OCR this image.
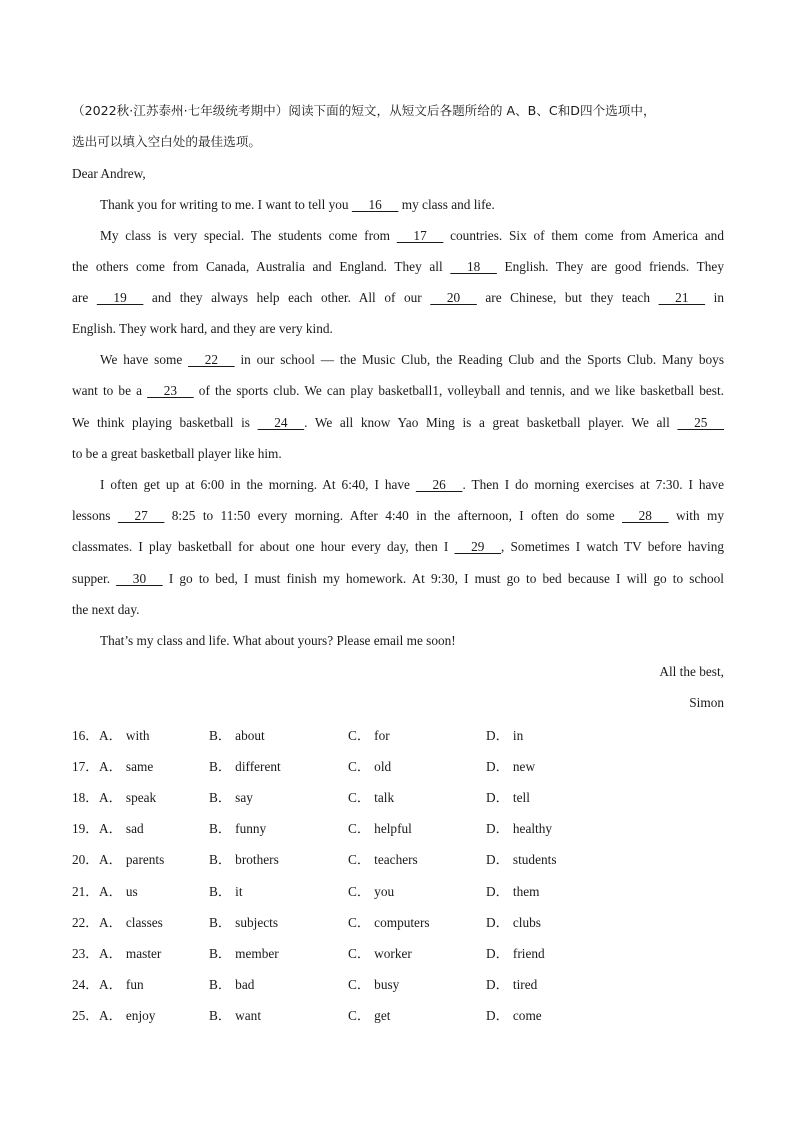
（2022秋·江苏泰州·七年级统考期中）阅读下面的短文，从短文后各题所给的 A、B、C和D四个选项中，
选出可以填入空白处的最佳选项。
Dear Andrew,
Thank you for writing to me. I want to tell you      16      my class and life.
My class is very special. The students come from      17      countries. Six of them come from America and
the others come from Canada, Australia and England. They all      18      English. They are good friends. They
are      19      and they always help each other. All of our      20      are Chinese, but they teach      21      in
English. They work hard, and they are very kind.
We have some      22      in our school — the Music Club, the Reading Club and the Sports Club. Many boys
want to be a      23      of the sports club. We can play basketball1, volleyball and tennis, and we like basketball best.
We think playing basketball is      24     . We all know Yao Ming is a great basketball player. We all      25
to be a great basketball player like him.
I often get up at 6:00 in the morning. At 6:40, I have      26     . Then I do morning exercises at 7:30. I have
lessons      27      8:25 to 11:50 every morning. After 4:40 in the afternoon, I often do some      28      with my
classmates. I play basketball for about one hour every day, then I      29     , Sometimes I watch TV before having
supper.      30      I go to bed, I must finish my homework. At 9:30, I must go to bed because I will go to school
the next day.
That’s my class and life. What about yours? Please email me soon!
All the best,
Simon
16． A． with	B． about	C． for	D． in
17． A． same	B． different	C． old	D． new
18． A． speak	B． say	C． talk	D． tell
19． A． sad	B． funny	C． helpful	D． healthy
20． A． parents	B． brothers	C． teachers	D． students
21． A． us	B． it	C． you	D． them
22． A． classes	B． subjects	C． computers	D． clubs
23． A． master	B． member	C． worker	D． friend
24． A． fun	B． bad	C． busy	D． tired
25． A． enjoy	B． want	C． get	D． come
